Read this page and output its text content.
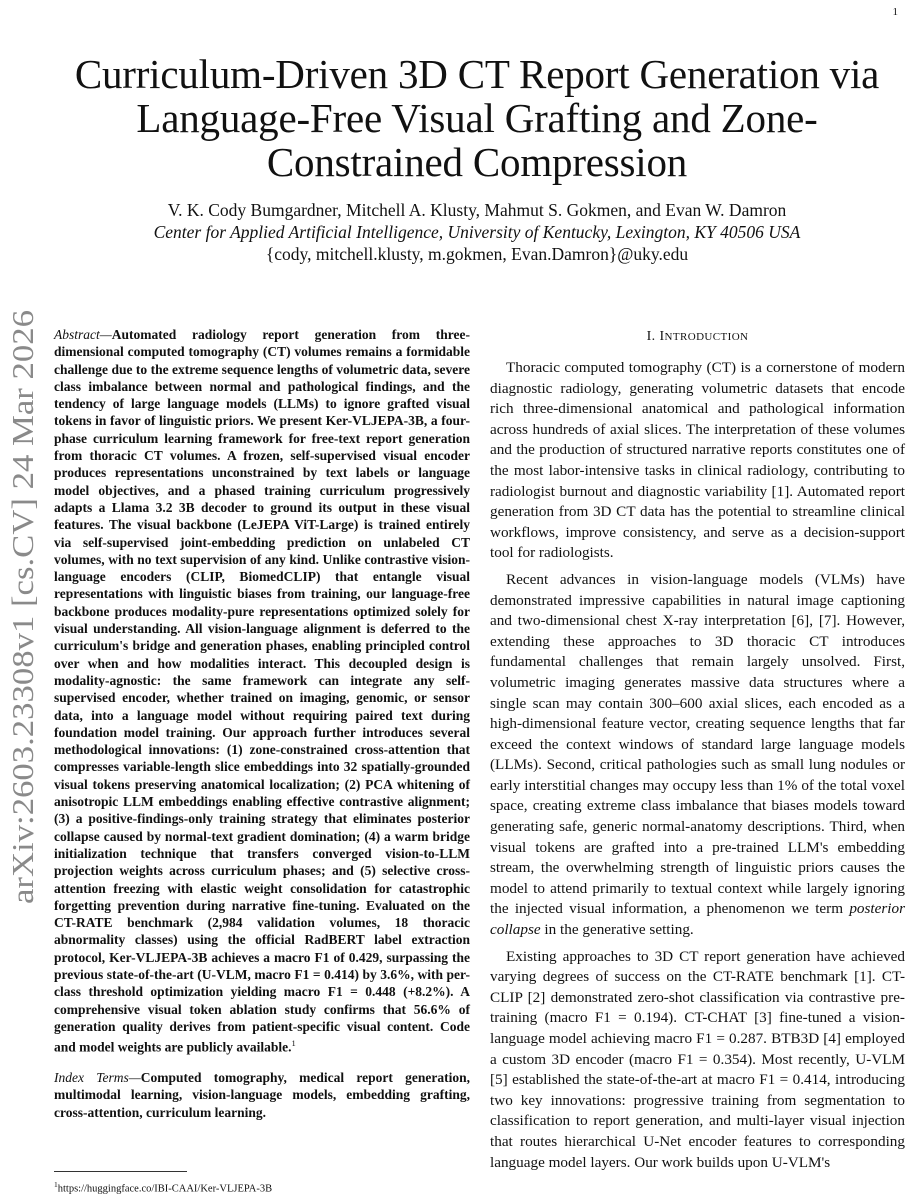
1
arXiv:2603.23308v1 [cs.CV] 24 Mar 2026
Curriculum-Driven 3D CT Report Generation via Language-Free Visual Grafting and Zone-Constrained Compression
V. K. Cody Bumgardner, Mitchell A. Klusty, Mahmut S. Gokmen, and Evan W. Damron
Center for Applied Artificial Intelligence, University of Kentucky, Lexington, KY 40506 USA
{cody, mitchell.klusty, m.gokmen, Evan.Damron}@uky.edu

Abstract—Automated radiology report generation from three-dimensional computed tomography (CT) volumes remains a formidable challenge due to the extreme sequence lengths of volumetric data, severe class imbalance between normal and pathological findings, and the tendency of large language models (LLMs) to ignore grafted visual tokens in favor of linguistic priors. We present Ker-VLJEPA-3B, a four-phase curriculum learning framework for free-text report generation from thoracic CT volumes. A frozen, self-supervised visual encoder produces representations unconstrained by text labels or language model objectives, and a phased training curriculum progressively adapts a Llama 3.2 3B decoder to ground its output in these visual features. The visual backbone (LeJEPA ViT-Large) is trained entirely via self-supervised joint-embedding prediction on unlabeled CT volumes, with no text supervision of any kind. Unlike contrastive vision-language encoders (CLIP, BiomedCLIP) that entangle visual representations with linguistic biases from training, our language-free backbone produces modality-pure representations optimized solely for visual understanding. All vision-language alignment is deferred to the curriculum's bridge and generation phases, enabling principled control over when and how modalities interact. This decoupled design is modality-agnostic: the same framework can integrate any self-supervised encoder, whether trained on imaging, genomic, or sensor data, into a language model without requiring paired text during foundation model training. Our approach further introduces several methodological innovations: (1) zone-constrained cross-attention that compresses variable-length slice embeddings into 32 spatially-grounded visual tokens preserving anatomical localization; (2) PCA whitening of anisotropic LLM embeddings enabling effective contrastive alignment; (3) a positive-findings-only training strategy that eliminates posterior collapse caused by normal-text gradient domination; (4) a warm bridge initialization technique that transfers converged vision-to-LLM projection weights across curriculum phases; and (5) selective cross-attention freezing with elastic weight consolidation for catastrophic forgetting prevention during narrative fine-tuning. Evaluated on the CT-RATE benchmark (2,984 validation volumes, 18 thoracic abnormality classes) using the official RadBERT label extraction protocol, Ker-VLJEPA-3B achieves a macro F1 of 0.429, surpassing the previous state-of-the-art (U-VLM, macro F1 = 0.414) by 3.6%, with per-class threshold optimization yielding macro F1 = 0.448 (+8.2%). A comprehensive visual token ablation study confirms that 56.6% of generation quality derives from patient-specific visual content. Code and model weights are publicly available.$^1$

Index Terms—Computed tomography, medical report generation, multimodal learning, vision-language models, embedding grafting, cross-attention, curriculum learning.

$^1$https://huggingface.co/IBI-CAAI/Ker-VLJEPA-3B
I. INTRODUCTION

Thoracic computed tomography (CT) is a cornerstone of modern diagnostic radiology, generating volumetric datasets that encode rich three-dimensional anatomical and pathological information across hundreds of axial slices. The interpretation of these volumes and the production of structured narrative reports constitutes one of the most labor-intensive tasks in clinical radiology, contributing to radiologist burnout and diagnostic variability [1]. Automated report generation from 3D CT data has the potential to streamline clinical workflows, improve consistency, and serve as a decision-support tool for radiologists.

Recent advances in vision-language models (VLMs) have demonstrated impressive capabilities in natural image captioning and two-dimensional chest X-ray interpretation [6], [7]. However, extending these approaches to 3D thoracic CT introduces fundamental challenges that remain largely unsolved. First, volumetric imaging generates massive data structures where a single scan may contain 300–600 axial slices, each encoded as a high-dimensional feature vector, creating sequence lengths that far exceed the context windows of standard large language models (LLMs). Second, critical pathologies such as small lung nodules or early interstitial changes may occupy less than 1% of the total voxel space, creating extreme class imbalance that biases models toward generating safe, generic normal-anatomy descriptions. Third, when visual tokens are grafted into a pre-trained LLM's embedding stream, the overwhelming strength of linguistic priors causes the model to attend primarily to textual context while largely ignoring the injected visual information, a phenomenon we term posterior collapse in the generative setting.

Existing approaches to 3D CT report generation have achieved varying degrees of success on the CT-RATE benchmark [1]. CT-CLIP [2] demonstrated zero-shot classification via contrastive pre-training (macro F1 = 0.194). CT-CHAT [3] fine-tuned a vision-language model achieving macro F1 = 0.287. BTB3D [4] employed a custom 3D encoder (macro F1 = 0.354). Most recently, U-VLM [5] established the state-of-the-art at macro F1 = 0.414, introducing two key innovations: progressive training from segmentation to classification to report generation, and multi-layer visual injection that routes hierarchical U-Net encoder features to corresponding language model layers. Our work builds upon U-VLM's
